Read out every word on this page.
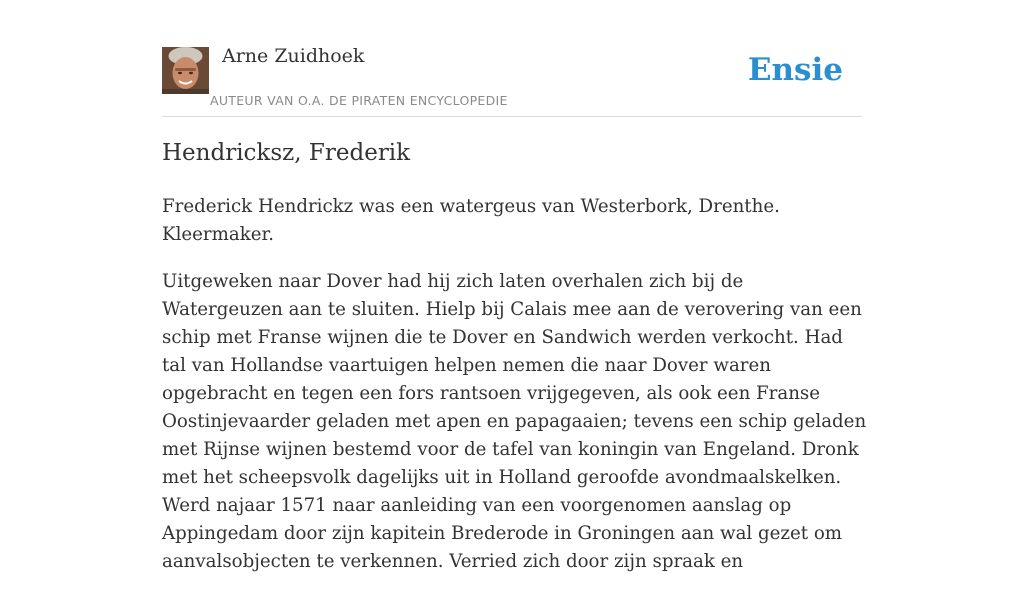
Arne Zuidhoek
AUTEUR VAN O.A. DE PIRATEN ENCYCLOPEDIE
Ensie
Hendricksz, Frederik

Frederick Hendrickz was een watergeus van Westerbork, Drenthe. Kleermaker.

Uitgeweken naar Dover had hij zich laten overhalen zich bij de Watergeuzen aan te sluiten. Hielp bij Calais mee aan de verovering van een schip met Franse wijnen die te Dover en Sandwich werden verkocht. Had tal van Hollandse vaartuigen helpen nemen die naar Dover waren opgebracht en tegen een fors rantsoen vrijgegeven, als ook een Franse Oostinjevaarder geladen met apen en papagaaien; tevens een schip geladen met Rijnse wijnen bestemd voor de tafel van koningin van Engeland. Dronk met het scheepsvolk dagelijks uit in Holland geroofde avondmaalskelken. Werd najaar 1571 naar aanleiding van een voorgenomen aanslag op Appingedam door zijn kapitein Brederode in Groningen aan wal gezet om aanvalsobjecten te verkennen. Verried zich door zijn spraak en
